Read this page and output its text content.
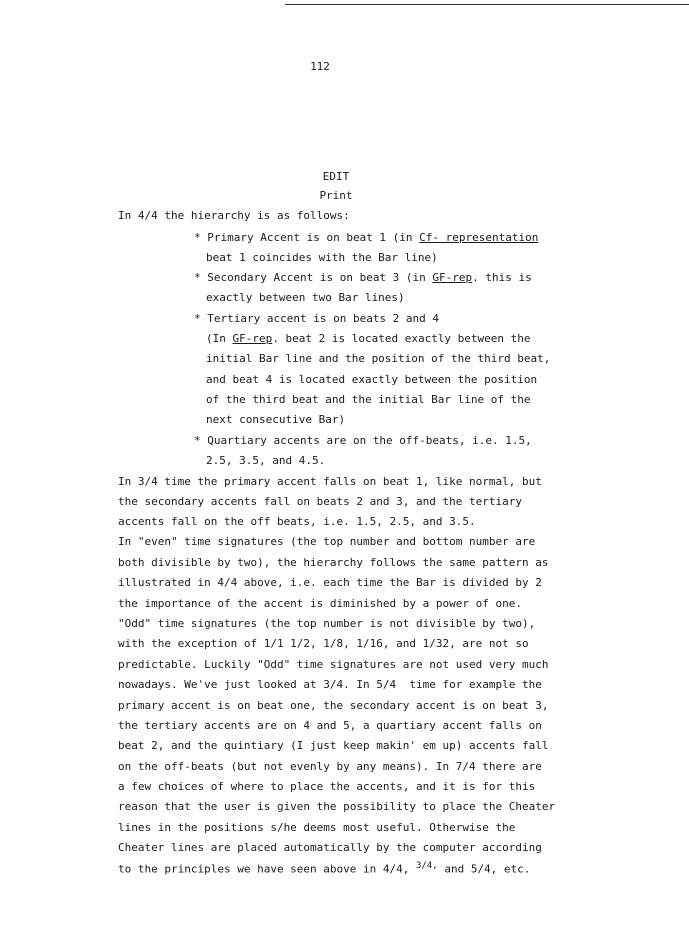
112
EDIT
Print
In 4/4 the hierarchy is as follows:
* Primary Accent is on beat 1 (in Cf- representation
beat 1 coincides with the Bar line)
* Secondary Accent is on beat 3 (in GF-rep. this is
exactly between two Bar lines)
* Tertiary accent is on beats 2 and 4
(In GF-rep. beat 2 is located exactly between the
initial Bar line and the position of the third beat,
and beat 4 is located exactly between the position
of the third beat and the initial Bar line of the
next consecutive Bar)
* Quartiary accents are on the off-beats, i.e. 1.5,
2.5, 3.5, and 4.5.
In 3/4 time the primary accent falls on beat 1, like normal, but
the secondary accents fall on beats 2 and 3, and the tertiary
accents fall on the off beats, i.e. 1.5, 2.5, and 3.5.
In "even" time signatures (the top number and bottom number are
both divisible by two), the hierarchy follows the same pattern as
illustrated in 4/4 above, i.e. each time the Bar is divided by 2
the importance of the accent is diminished by a power of one.
"Odd" time signatures (the top number is not divisible by two),
with the exception of 1/1 1/2, 1/8, 1/16, and 1/32, are not so
predictable. Luckily "Odd" time signatures are not used very much
nowadays. We've just looked at 3/4. In 5/4  time for example the
primary accent is on beat one, the secondary accent is on beat 3,
the tertiary accents are on 4 and 5, a quartiary accent falls on
beat 2, and the quintiary (I just keep makin' em up) accents fall
on the off-beats (but not evenly by any means). In 7/4 there are
a few choices of where to place the accents, and it is for this
reason that the user is given the possibility to place the Cheater
lines in the positions s/he deems most useful. Otherwise the
Cheater lines are placed automatically by the computer according
to the principles we have seen above in 4/4, $^{3/4,}$ and 5/4, etc.
